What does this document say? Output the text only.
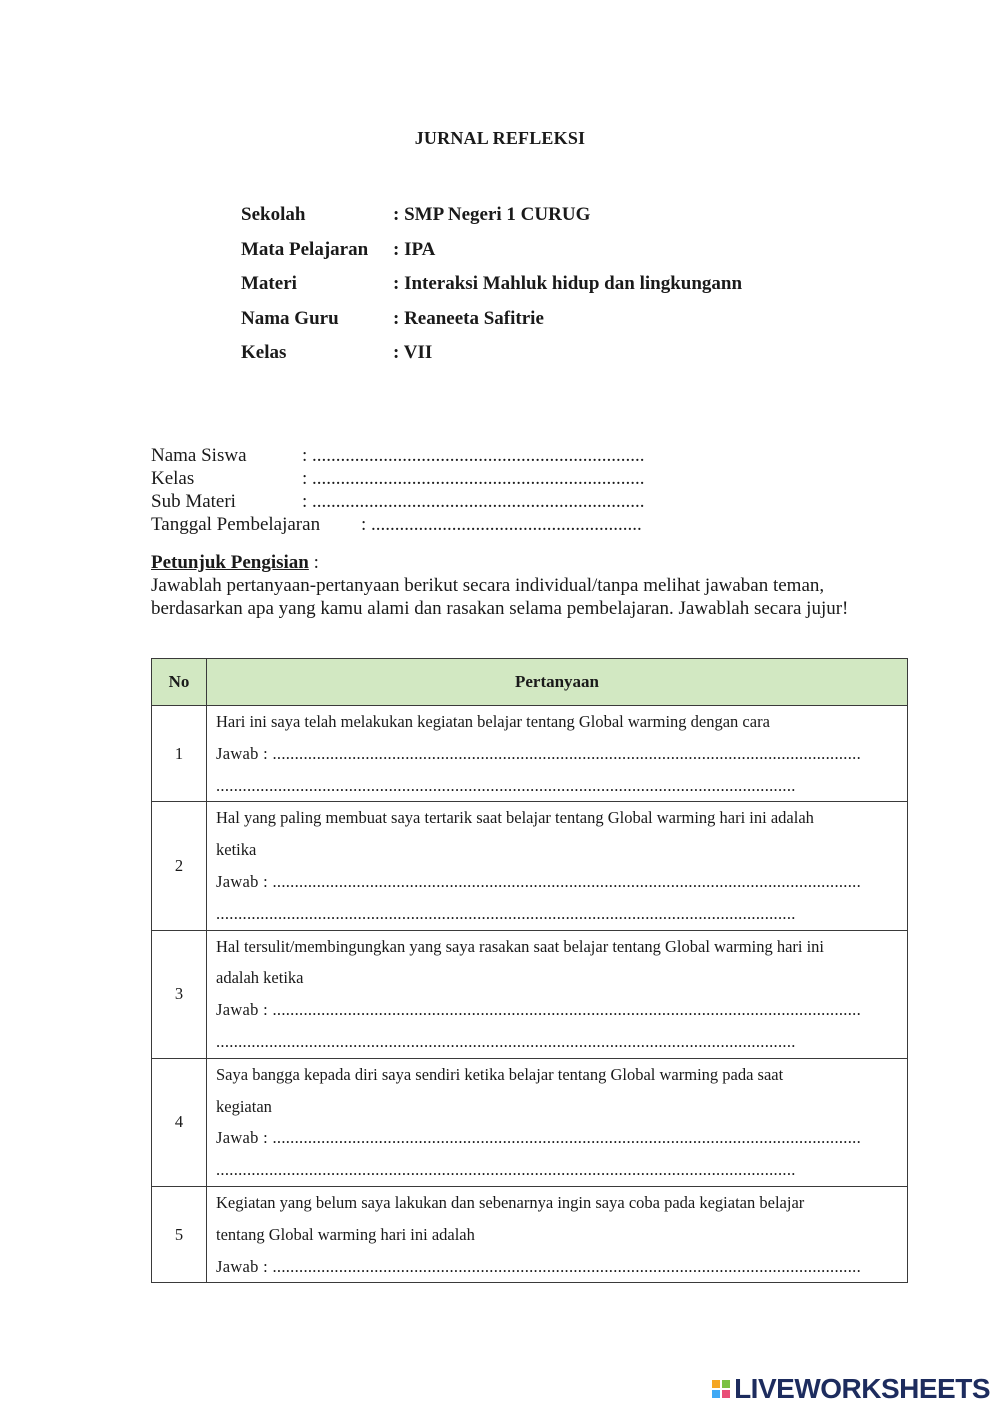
JURNAL REFLEKSI
Sekolah	: SMP Negeri 1 CURUG
Mata Pelajaran	: IPA
Materi	: Interaksi Mahluk hidup dan lingkungann
Nama Guru	: Reaneeta Safitrie
Kelas	: VII
Nama Siswa	: ......................................................................
Kelas	: ......................................................................
Sub Materi	: ......................................................................
Tanggal Pembelajaran	: .........................................................
Petunjuk Pengisian :
Jawablah pertanyaan-pertanyaan berikut secara individual/tanpa melihat jawaban teman, berdasarkan apa yang kamu alami dan rasakan selama pembelajaran. Jawablah secara jujur!
No	Pertanyaan
1	Hari ini saya telah melakukan kegiatan belajar tentang Global warming dengan cara
Jawab : .....................................................................................................................................
...................................................................................................................................

2	Hal yang paling membuat saya tertarik saat belajar tentang Global warming hari ini adalah
ketika
Jawab : .....................................................................................................................................
...................................................................................................................................

3	Hal tersulit/membingungkan yang saya rasakan saat belajar tentang Global warming hari ini
adalah ketika
Jawab : .....................................................................................................................................
...................................................................................................................................

4	Saya bangga kepada diri saya sendiri ketika belajar tentang Global warming pada saat
kegiatan
Jawab : .....................................................................................................................................
...................................................................................................................................

5	Kegiatan yang belum saya lakukan dan sebenarnya ingin saya coba pada kegiatan belajar
tentang Global warming hari ini adalah
Jawab : .....................................................................................................................................
LIVEWORKSHEETS
